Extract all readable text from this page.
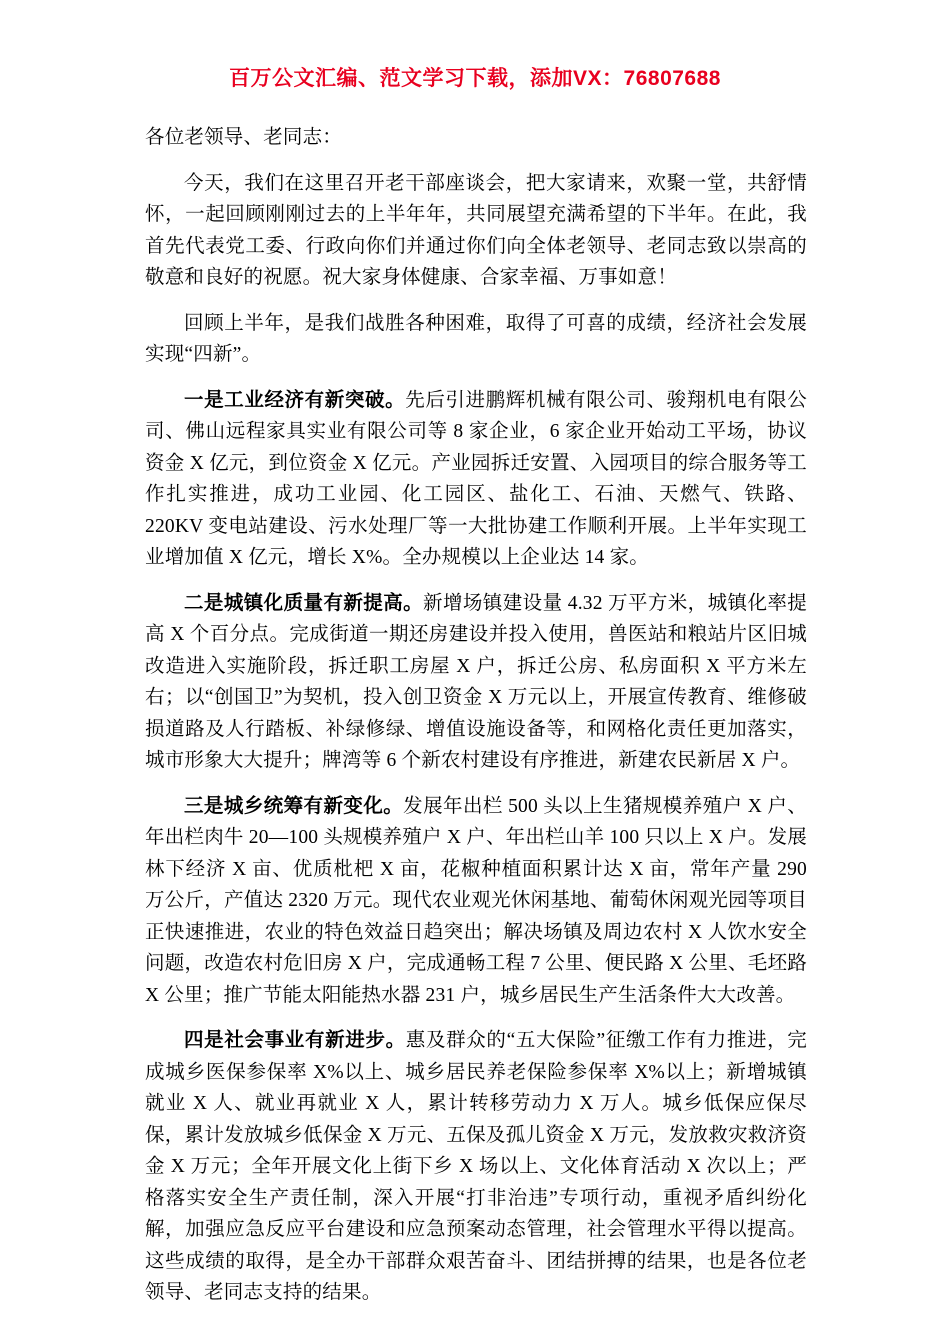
百万公文汇编、范文学习下载，添加VX：76807688

各位老领导、老同志：

今天，我们在这里召开老干部座谈会，把大家请来，欢聚一堂，共舒情怀，一起回顾刚刚过去的上半年年，共同展望充满希望的下半年。在此，我首先代表党工委、行政向你们并通过你们向全体老领导、老同志致以崇高的敬意和良好的祝愿。祝大家身体健康、合家幸福、万事如意！

回顾上半年，是我们战胜各种困难，取得了可喜的成绩，经济社会发展实现“四新”。

一是工业经济有新突破。先后引进鹏辉机械有限公司、骏翔机电有限公司、佛山远程家具实业有限公司等 8 家企业，6 家企业开始动工平场，协议资金 X 亿元，到位资金 X 亿元。产业园拆迁安置、入园项目的综合服务等工作扎实推进，成功工业园、化工园区、盐化工、石油、天燃气、铁路、220KV 变电站建设、污水处理厂等一大批协建工作顺利开展。上半年实现工业增加值 X 亿元，增长 X%。全办规模以上企业达 14 家。

二是城镇化质量有新提高。新增场镇建设量 4.32 万平方米，城镇化率提高 X 个百分点。完成街道一期还房建设并投入使用，兽医站和粮站片区旧城改造进入实施阶段，拆迁职工房屋 X 户，拆迁公房、私房面积 X 平方米左右；以“创国卫”为契机，投入创卫资金 X 万元以上，开展宣传教育、维修破损道路及人行踏板、补绿修绿、增值设施设备等，和网格化责任更加落实，城市形象大大提升；牌湾等 6 个新农村建设有序推进，新建农民新居 X 户。

三是城乡统筹有新变化。发展年出栏 500 头以上生猪规模养殖户 X 户、年出栏肉牛 20—100 头规模养殖户 X 户、年出栏山羊 100 只以上 X 户。发展林下经济 X 亩、优质枇杷 X 亩，花椒种植面积累计达 X 亩，常年产量 290 万公斤，产值达 2320 万元。现代农业观光休闲基地、葡萄休闲观光园等项目正快速推进，农业的特色效益日趋突出；解决场镇及周边农村 X 人饮水安全问题，改造农村危旧房 X 户，完成通畅工程 7 公里、便民路 X 公里、毛坯路 X 公里；推广节能太阳能热水器 231 户，城乡居民生产生活条件大大改善。

四是社会事业有新进步。惠及群众的“五大保险”征缴工作有力推进，完成城乡医保参保率 X%以上、城乡居民养老保险参保率 X%以上；新增城镇就业 X 人、就业再就业 X 人，累计转移劳动力 X 万人。城乡低保应保尽保，累计发放城乡低保金 X 万元、五保及孤儿资金 X 万元，发放救灾救济资金 X 万元；全年开展文化上街下乡 X 场以上、文化体育活动 X 次以上；严格落实安全生产责任制，深入开展“打非治违”专项行动，重视矛盾纠纷化解，加强应急反应平台建设和应急预案动态管理，社会管理水平得以提高。这些成绩的取得，是全办干部群众艰苦奋斗、团结拼搏的结果，也是各位老领导、老同志支持的结果。
